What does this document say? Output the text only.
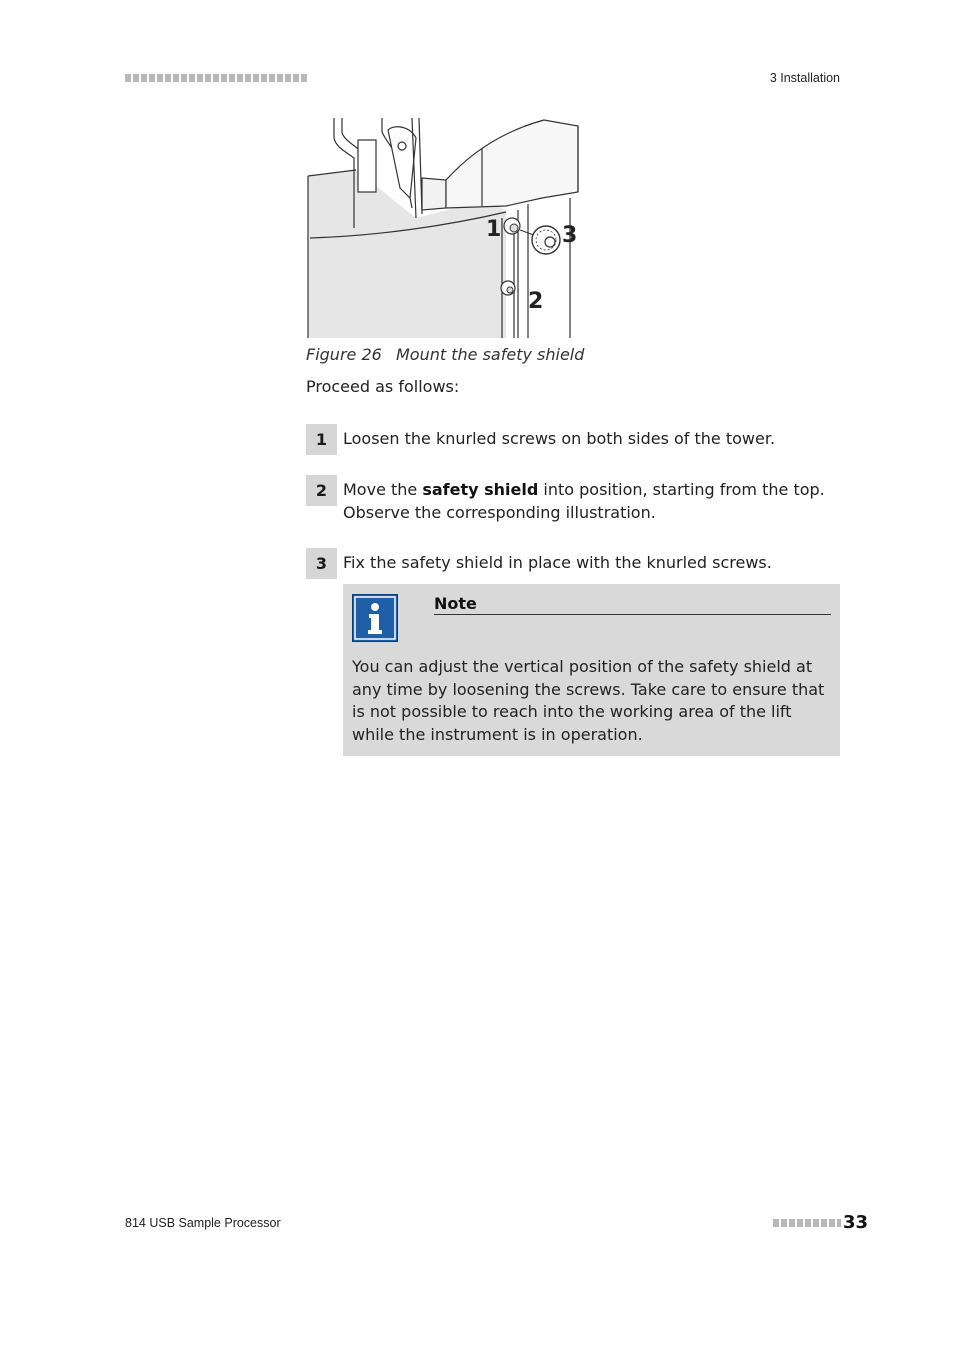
3 Installation
1
2
3
Figure 26 Mount the safety shield
Proceed as follows:
1 Loosen the knurled screws on both sides of the tower.
2 Move the safety shield into position, starting from the top. Observe the corresponding illustration.
3 Fix the safety shield in place with the knurled screws.
Note
You can adjust the vertical position of the safety shield at any time by loosening the screws. Take care to ensure that is not possible to reach into the working area of the lift while the instrument is in operation.
814 USB Sample Processor	33
